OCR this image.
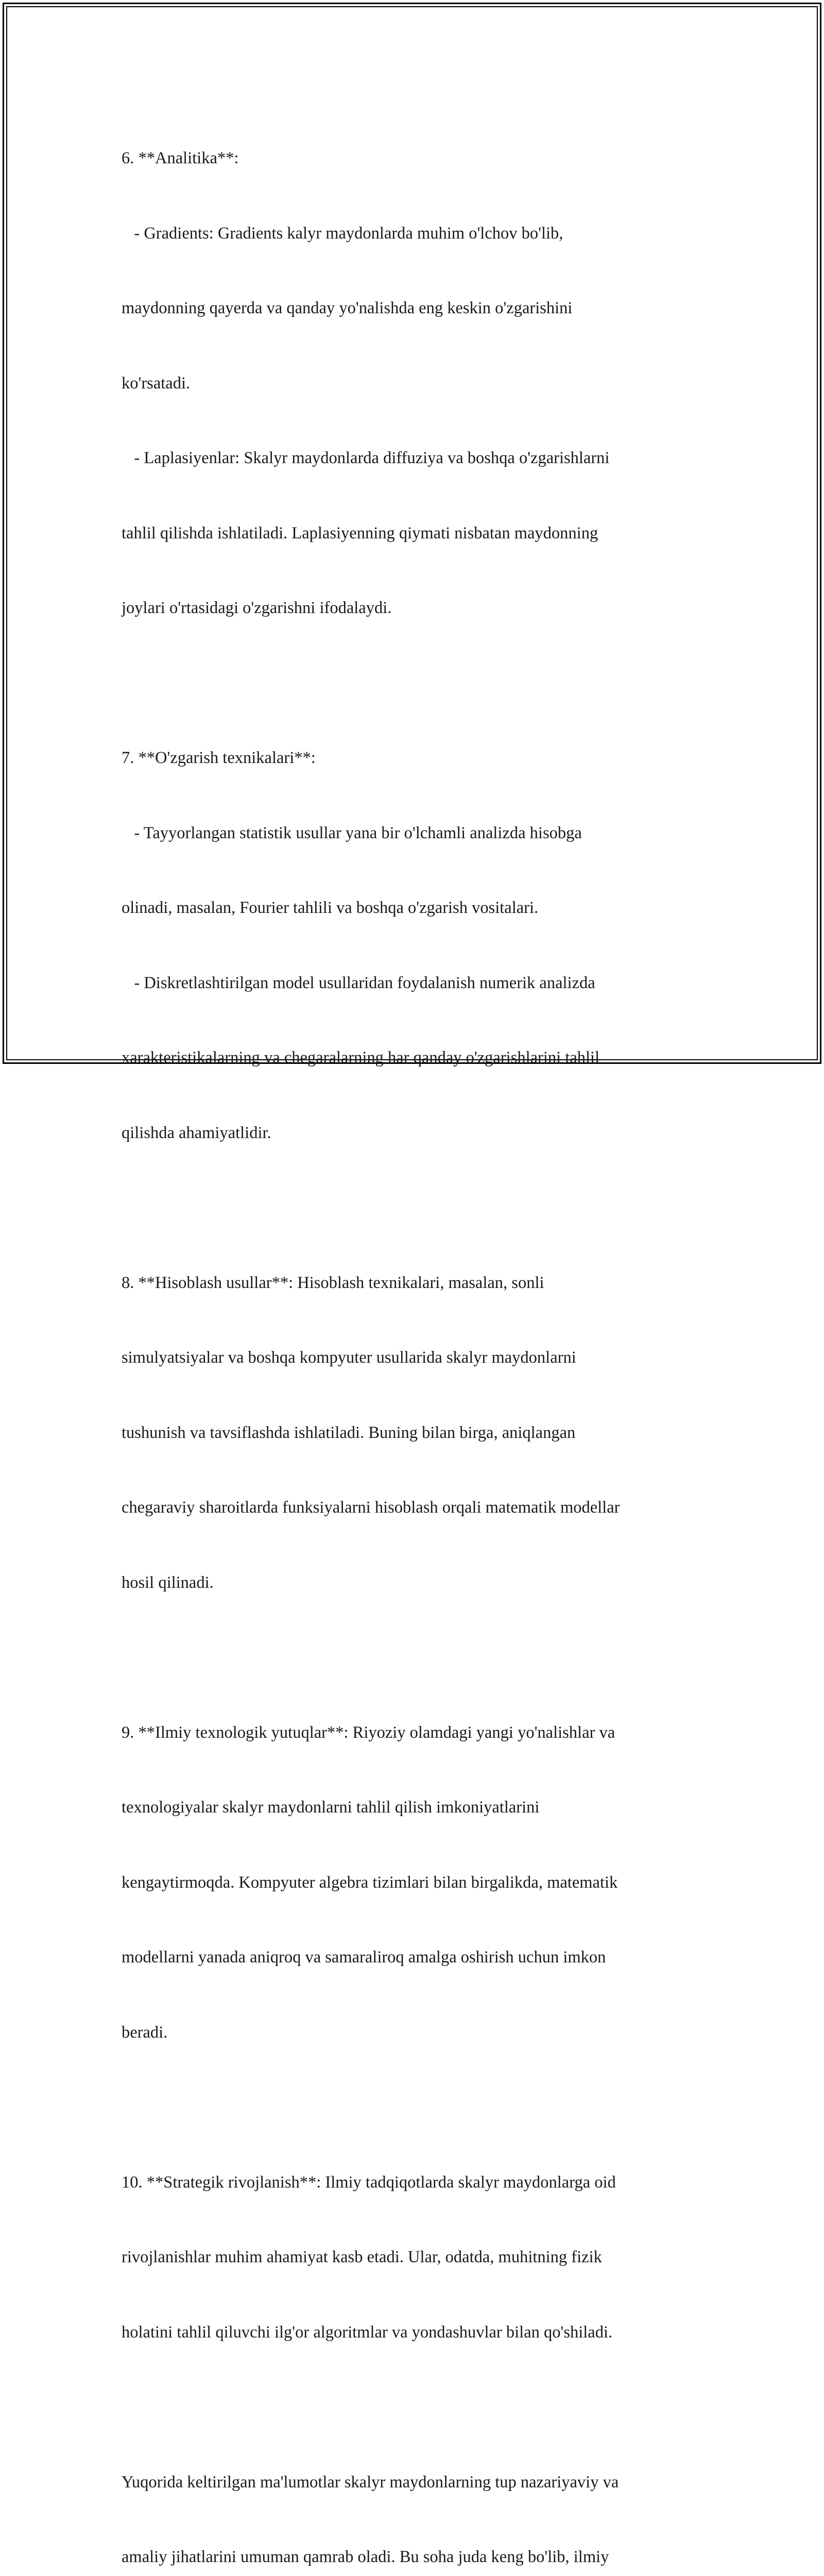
6. **Analitika**:

- Gradients: Gradients kalyr maydonlarda muhim o'lchov bo'lib,

maydonning qayerda va qanday yo'nalishda eng keskin o'zgarishini

ko'rsatadi.

- Laplasiyenlar: Skalyr maydonlarda diffuziya va boshqa o'zgarishlarni

tahlil qilishda ishlatiladi. Laplasiyenning qiymati nisbatan maydonning

joylari o'rtasidagi o'zgarishni ifodalaydi.

7. **O'zgarish texnikalari**:

- Tayyorlangan statistik usullar yana bir o'lchamli analizda hisobga

olinadi, masalan, Fourier tahlili va boshqa o'zgarish vositalari.

- Diskretlashtirilgan model usullaridan foydalanish numerik analizda

xarakteristikalarning va chegaralarning har qanday o'zgarishlarini tahlil

qilishda ahamiyatlidir.

8. **Hisoblash usullar**: Hisoblash texnikalari, masalan, sonli

simulyatsiyalar va boshqa kompyuter usullarida skalyr maydonlarni

tushunish va tavsiflashda ishlatiladi. Buning bilan birga, aniqlangan

chegaraviy sharoitlarda funksiyalarni hisoblash orqali matematik modellar

hosil qilinadi.

9. **Ilmiy texnologik yutuqlar**: Riyoziy olamdagi yangi yo'nalishlar va

texnologiyalar skalyr maydonlarni tahlil qilish imkoniyatlarini

kengaytirmoqda. Kompyuter algebra tizimlari bilan birgalikda, matematik

modellarni yanada aniqroq va samaraliroq amalga oshirish uchun imkon

beradi.

10. **Strategik rivojlanish**: Ilmiy tadqiqotlarda skalyr maydonlarga oid

rivojlanishlar muhim ahamiyat kasb etadi. Ular, odatda, muhitning fizik

holatini tahlil qiluvchi ilg'or algoritmlar va yondashuvlar bilan qo'shiladi.

Yuqorida keltirilgan ma'lumotlar skalyr maydonlarning tup nazariyaviy va

amaliy jihatlarini umuman qamrab oladi. Bu soha juda keng bo'lib, ilmiy
